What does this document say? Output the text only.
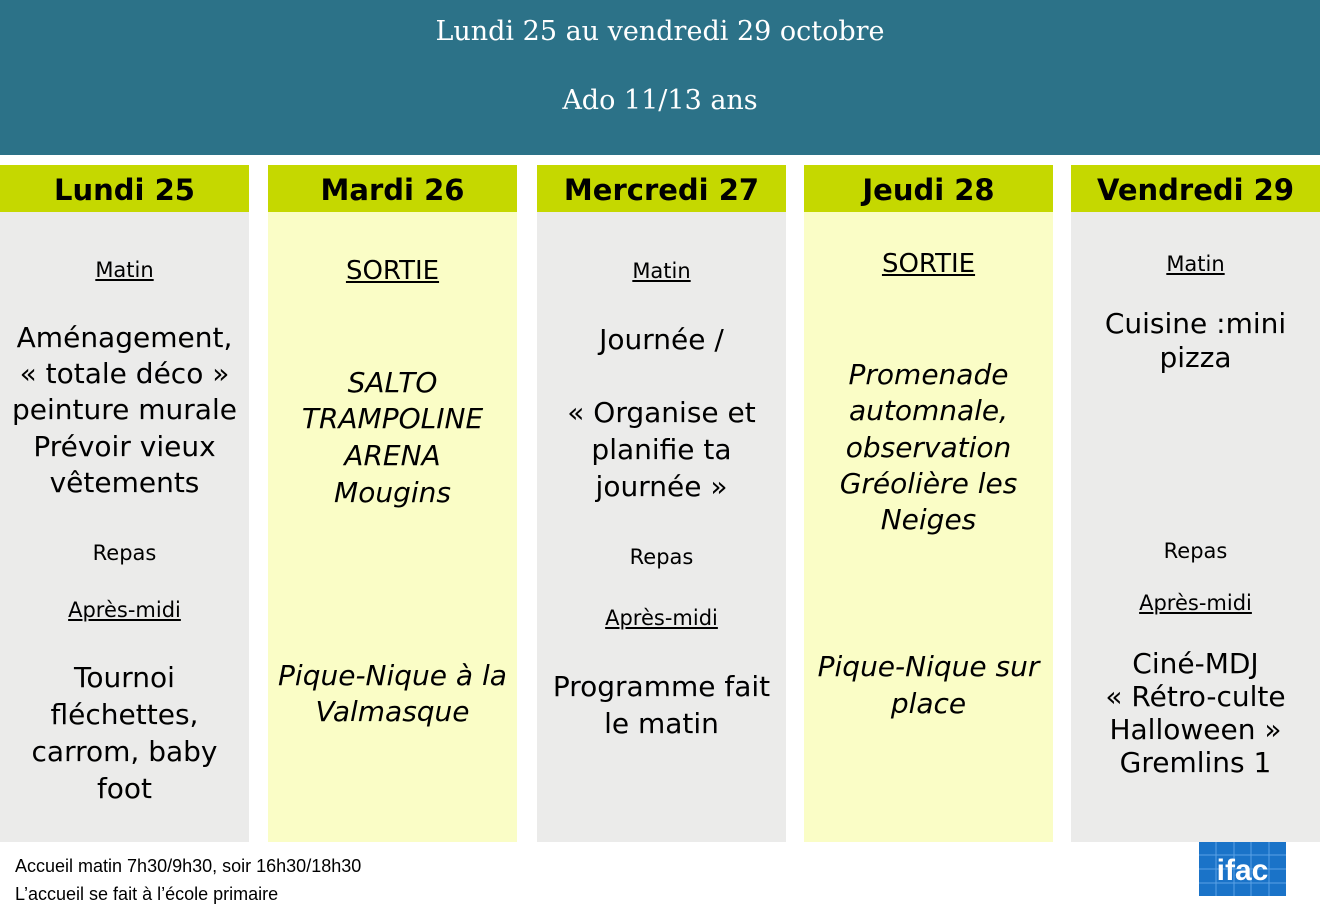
Lundi 25 au vendredi 29 octobre
Ado 11/13 ans
Lundi 25
Matin
Aménagement,
« totale déco »
peinture murale
Prévoir vieux
vêtements
Repas
Après-midi
Tournoi
fléchettes,
carrom, baby
foot
Mardi 26
SORTIE
SALTO
TRAMPOLINE
ARENA
Mougins
Pique-Nique à la
Valmasque
Mercredi 27
Matin
Journée /
« Organise et
planifie ta
journée »
Repas
Après-midi
Programme fait
le matin
Jeudi 28
SORTIE
Promenade
automnale,
observation
Gréolière les
Neiges
Pique-Nique sur
place
Vendredi 29
Matin
Cuisine :mini
pizza
Repas
Après-midi
Ciné-MDJ
« Rétro-culte
Halloween »
Gremlins 1
Accueil matin 7h30/9h30, soir 16h30/18h30
L’accueil se fait à l’école primaire
ifac
